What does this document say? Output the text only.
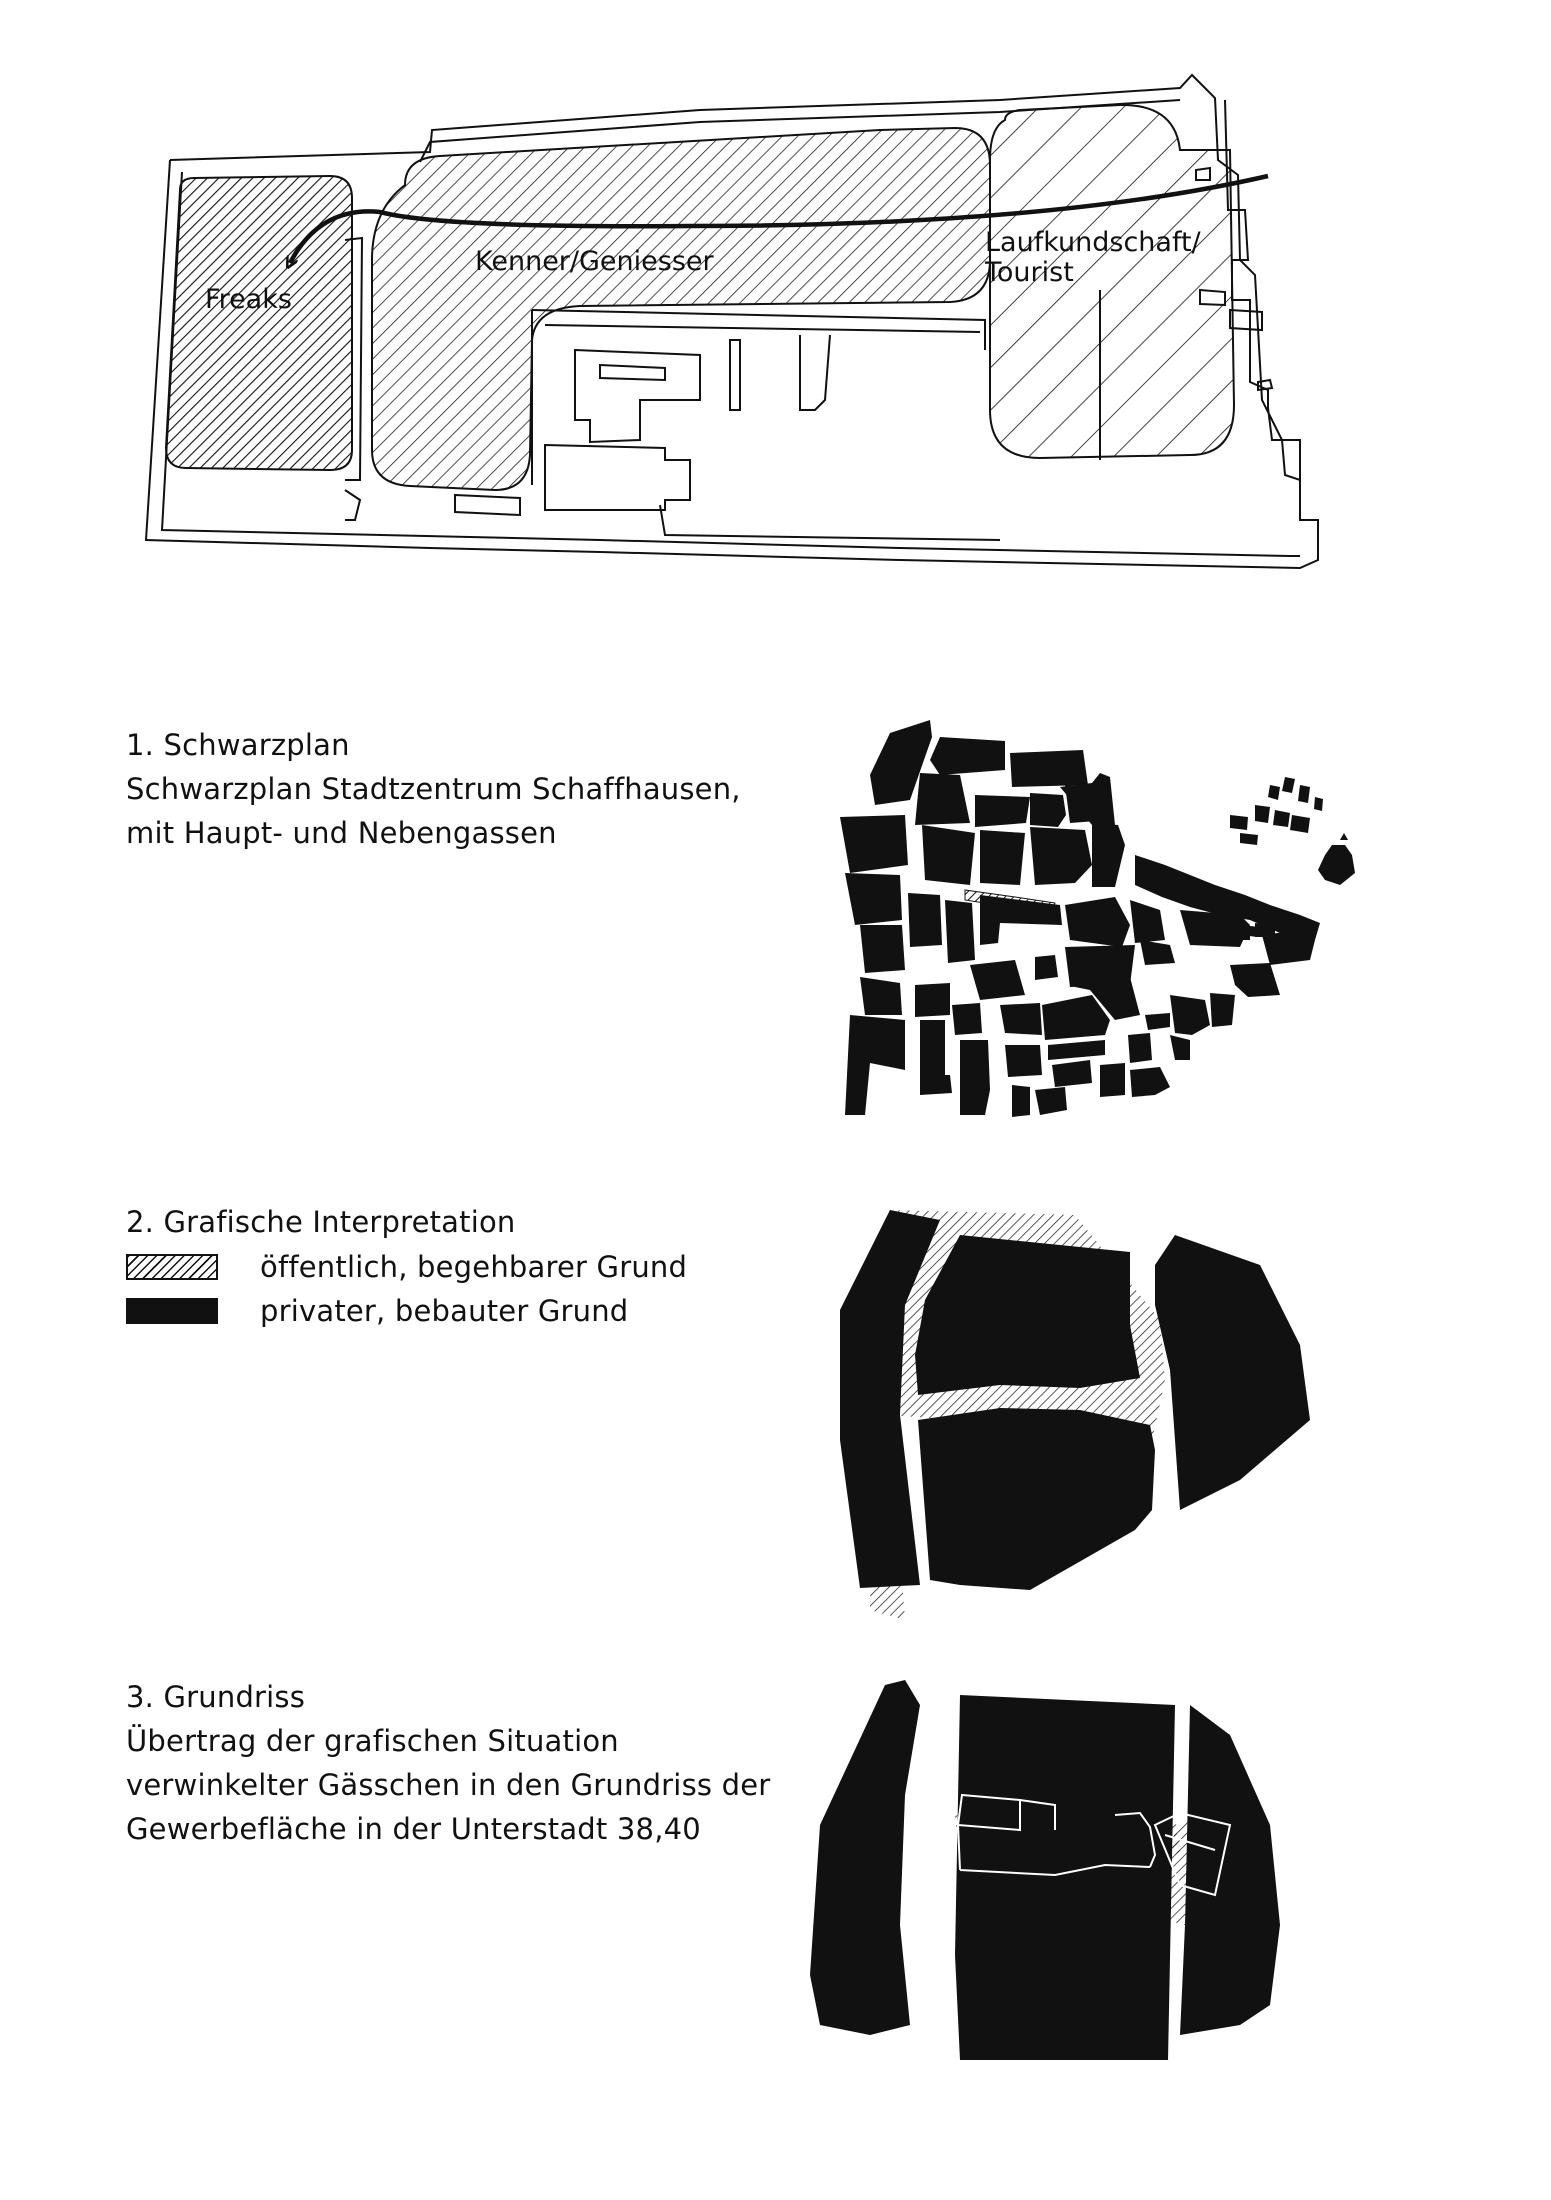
Freaks
Kenner/Geniesser
Laufkundschaft/
Tourist
1. Schwarzplan
Schwarzplan Stadtzentrum Schaffhausen,
mit Haupt- und Nebengassen
2. Grafische Interpretation
öffentlich, begehbarer Grund
privater, bebauter Grund
3. Grundriss
Übertrag der grafischen Situation
verwinkelter Gässchen in den Grundriss der
Gewerbefläche in der Unterstadt 38,40
